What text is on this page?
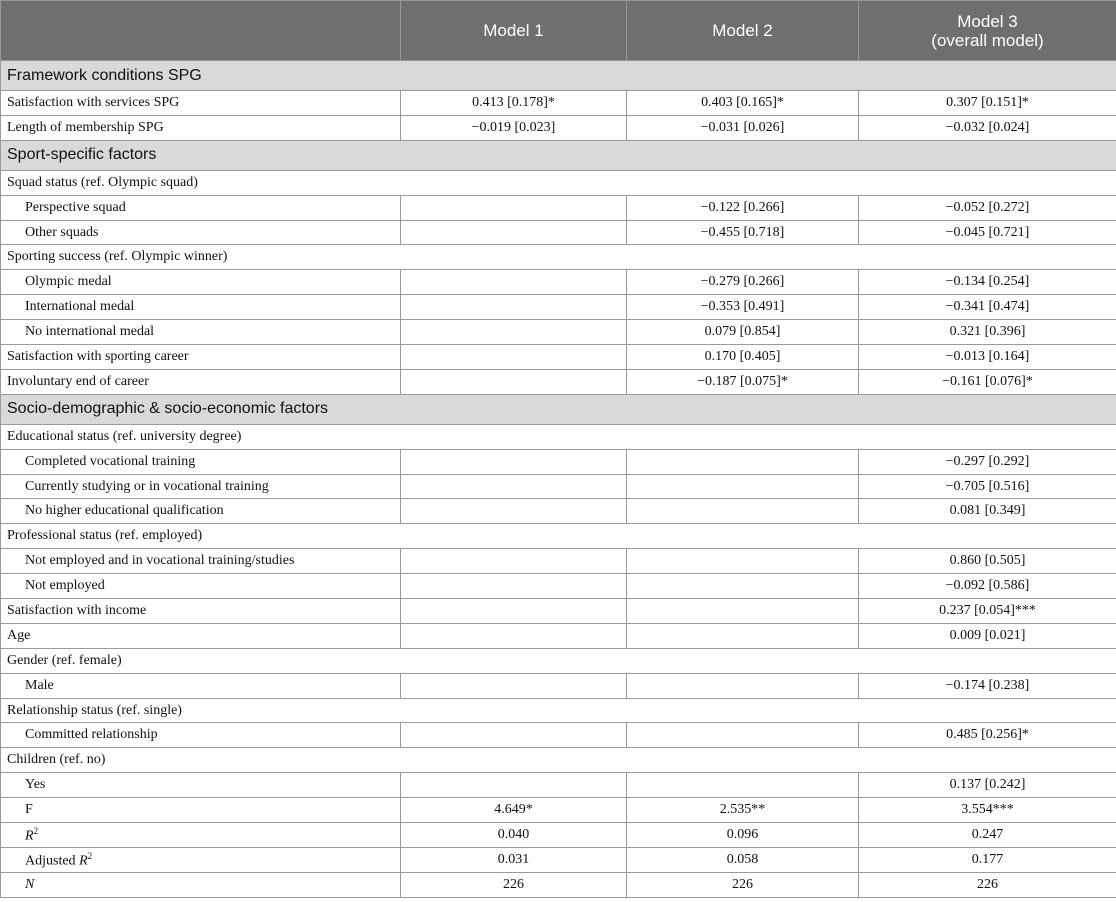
	Model 1	Model 2	Model 3
(overall model)

Framework conditions SPG			
Satisfaction with services SPG	0.413 [0.178]*	0.403 [0.165]*	0.307 [0.151]*
Length of membership SPG	−0.019 [0.023]	−0.031 [0.026]	−0.032 [0.024]
Sport-specific factors			
Squad status (ref. Olympic squad)			
Perspective squad		−0.122 [0.266]	−0.052 [0.272]
Other squads		−0.455 [0.718]	−0.045 [0.721]
Sporting success (ref. Olympic winner)			
Olympic medal		−0.279 [0.266]	−0.134 [0.254]
International medal		−0.353 [0.491]	−0.341 [0.474]
No international medal		0.079 [0.854]	0.321 [0.396]
Satisfaction with sporting career		0.170 [0.405]	−0.013 [0.164]
Involuntary end of career		−0.187 [0.075]*	−0.161 [0.076]*
Socio-demographic & socio-economic factors			
Educational status (ref. university degree)			
Completed vocational training			−0.297 [0.292]
Currently studying or in vocational training			−0.705 [0.516]
No higher educational qualification			0.081 [0.349]
Professional status (ref. employed)			
Not employed and in vocational training/studies			0.860 [0.505]
Not employed			−0.092 [0.586]
Satisfaction with income			0.237 [0.054]***
Age			0.009 [0.021]
Gender (ref. female)			
Male			−0.174 [0.238]
Relationship status (ref. single)			
Committed relationship			0.485 [0.256]*
Children (ref. no)			
Yes			0.137 [0.242]
F	4.649*	2.535**	3.554***
$R^2$	0.040	0.096	0.247
Adjusted $R^2$	0.031	0.058	0.177
N	226	226	226
